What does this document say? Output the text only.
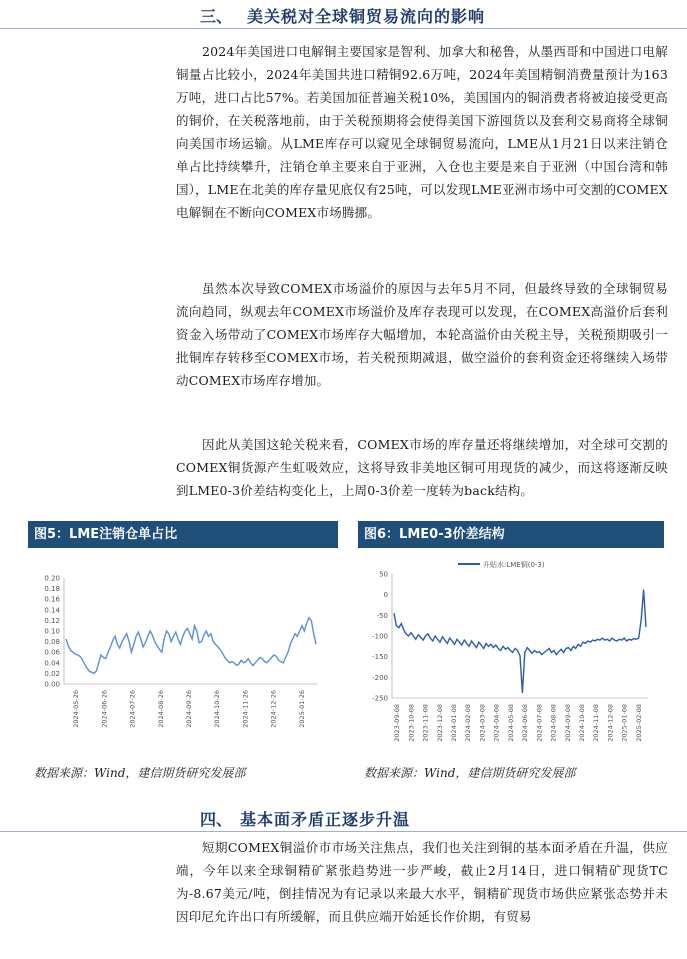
三、 美关税对全球铜贸易流向的影响

2024年美国进口电解铜主要国家是智利、加拿大和秘鲁，从墨西哥和中国进口电解铜量占比较小，2024年美国共进口精铜92.6万吨，2024年美国精铜消费量预计为163万吨，进口占比57%。若美国加征普遍关税10%，美国国内的铜消费者将被迫接受更高的铜价，在关税落地前，由于关税预期将会使得美国下游囤货以及套利交易商将全球铜向美国市场运输。从LME库存可以窥见全球铜贸易流向，LME从1月21日以来注销仓单占比持续攀升，注销仓单主要来自于亚洲，入仓也主要是来自于亚洲（中国台湾和韩国），LME在北美的库存量见底仅有25吨，可以发现LME亚洲市场中可交割的COMEX电解铜在不断向COMEX市场腾挪。

虽然本次导致COMEX市场溢价的原因与去年5月不同，但最终导致的全球铜贸易流向趋同，纵观去年COMEX市场溢价及库存表现可以发现，在COMEX高溢价后套利资金入场带动了COMEX市场库存大幅增加，本轮高溢价由关税主导，关税预期吸引一批铜库存转移至COMEX市场，若关税预期减退，做空溢价的套利资金还将继续入场带动COMEX市场库存增加。

因此从美国这轮关税来看，COMEX市场的库存量还将继续增加，对全球可交割的COMEX铜货源产生虹吸效应，这将导致非美地区铜可用现货的减少，而这将逐渐反映到LME0-3价差结构变化上，上周0-3价差一度转为back结构。

图5：LME注销仓单占比
0.00
0.02
0.04
0.06
0.08
0.10
0.12
0.14
0.16
0.18
0.20
2024-05-26	2024-06-26	2024-07-26	2024-08-26	2024-09-26	2024-10-26	2024-11-26	2024-12-26	2025-01-26
数据来源：Wind，建信期货研究发展部
图6：LME0-3价差结构
升贴水:LME铜(0-3)
50
0
-50
-100
-150
-200
-250
2023-09-08 2023-10-08 2023-11-08 2023-12-08 2024-01-08 2024-02-08 2024-03-08 2024-04-08 2024-05-08 2024-06-08 2024-07-08 2024-08-08 2024-09-08 2024-10-08 2024-11-08 2024-12-08 2025-01-08 2025-02-08
数据来源：Wind，建信期货研究发展部
四、 基本面矛盾正逐步升温

短期COMEX铜溢价市市场关注焦点，我们也关注到铜的基本面矛盾在升温，供应端，今年以来全球铜精矿紧张趋势进一步严峻，截止2月14日，进口铜精矿现货TC为-8.67美元/吨，倒挂情况为有记录以来最大水平，铜精矿现货市场供应紧张态势并未因印尼允许出口有所缓解，而且供应端开始延长作价期，有贸易
